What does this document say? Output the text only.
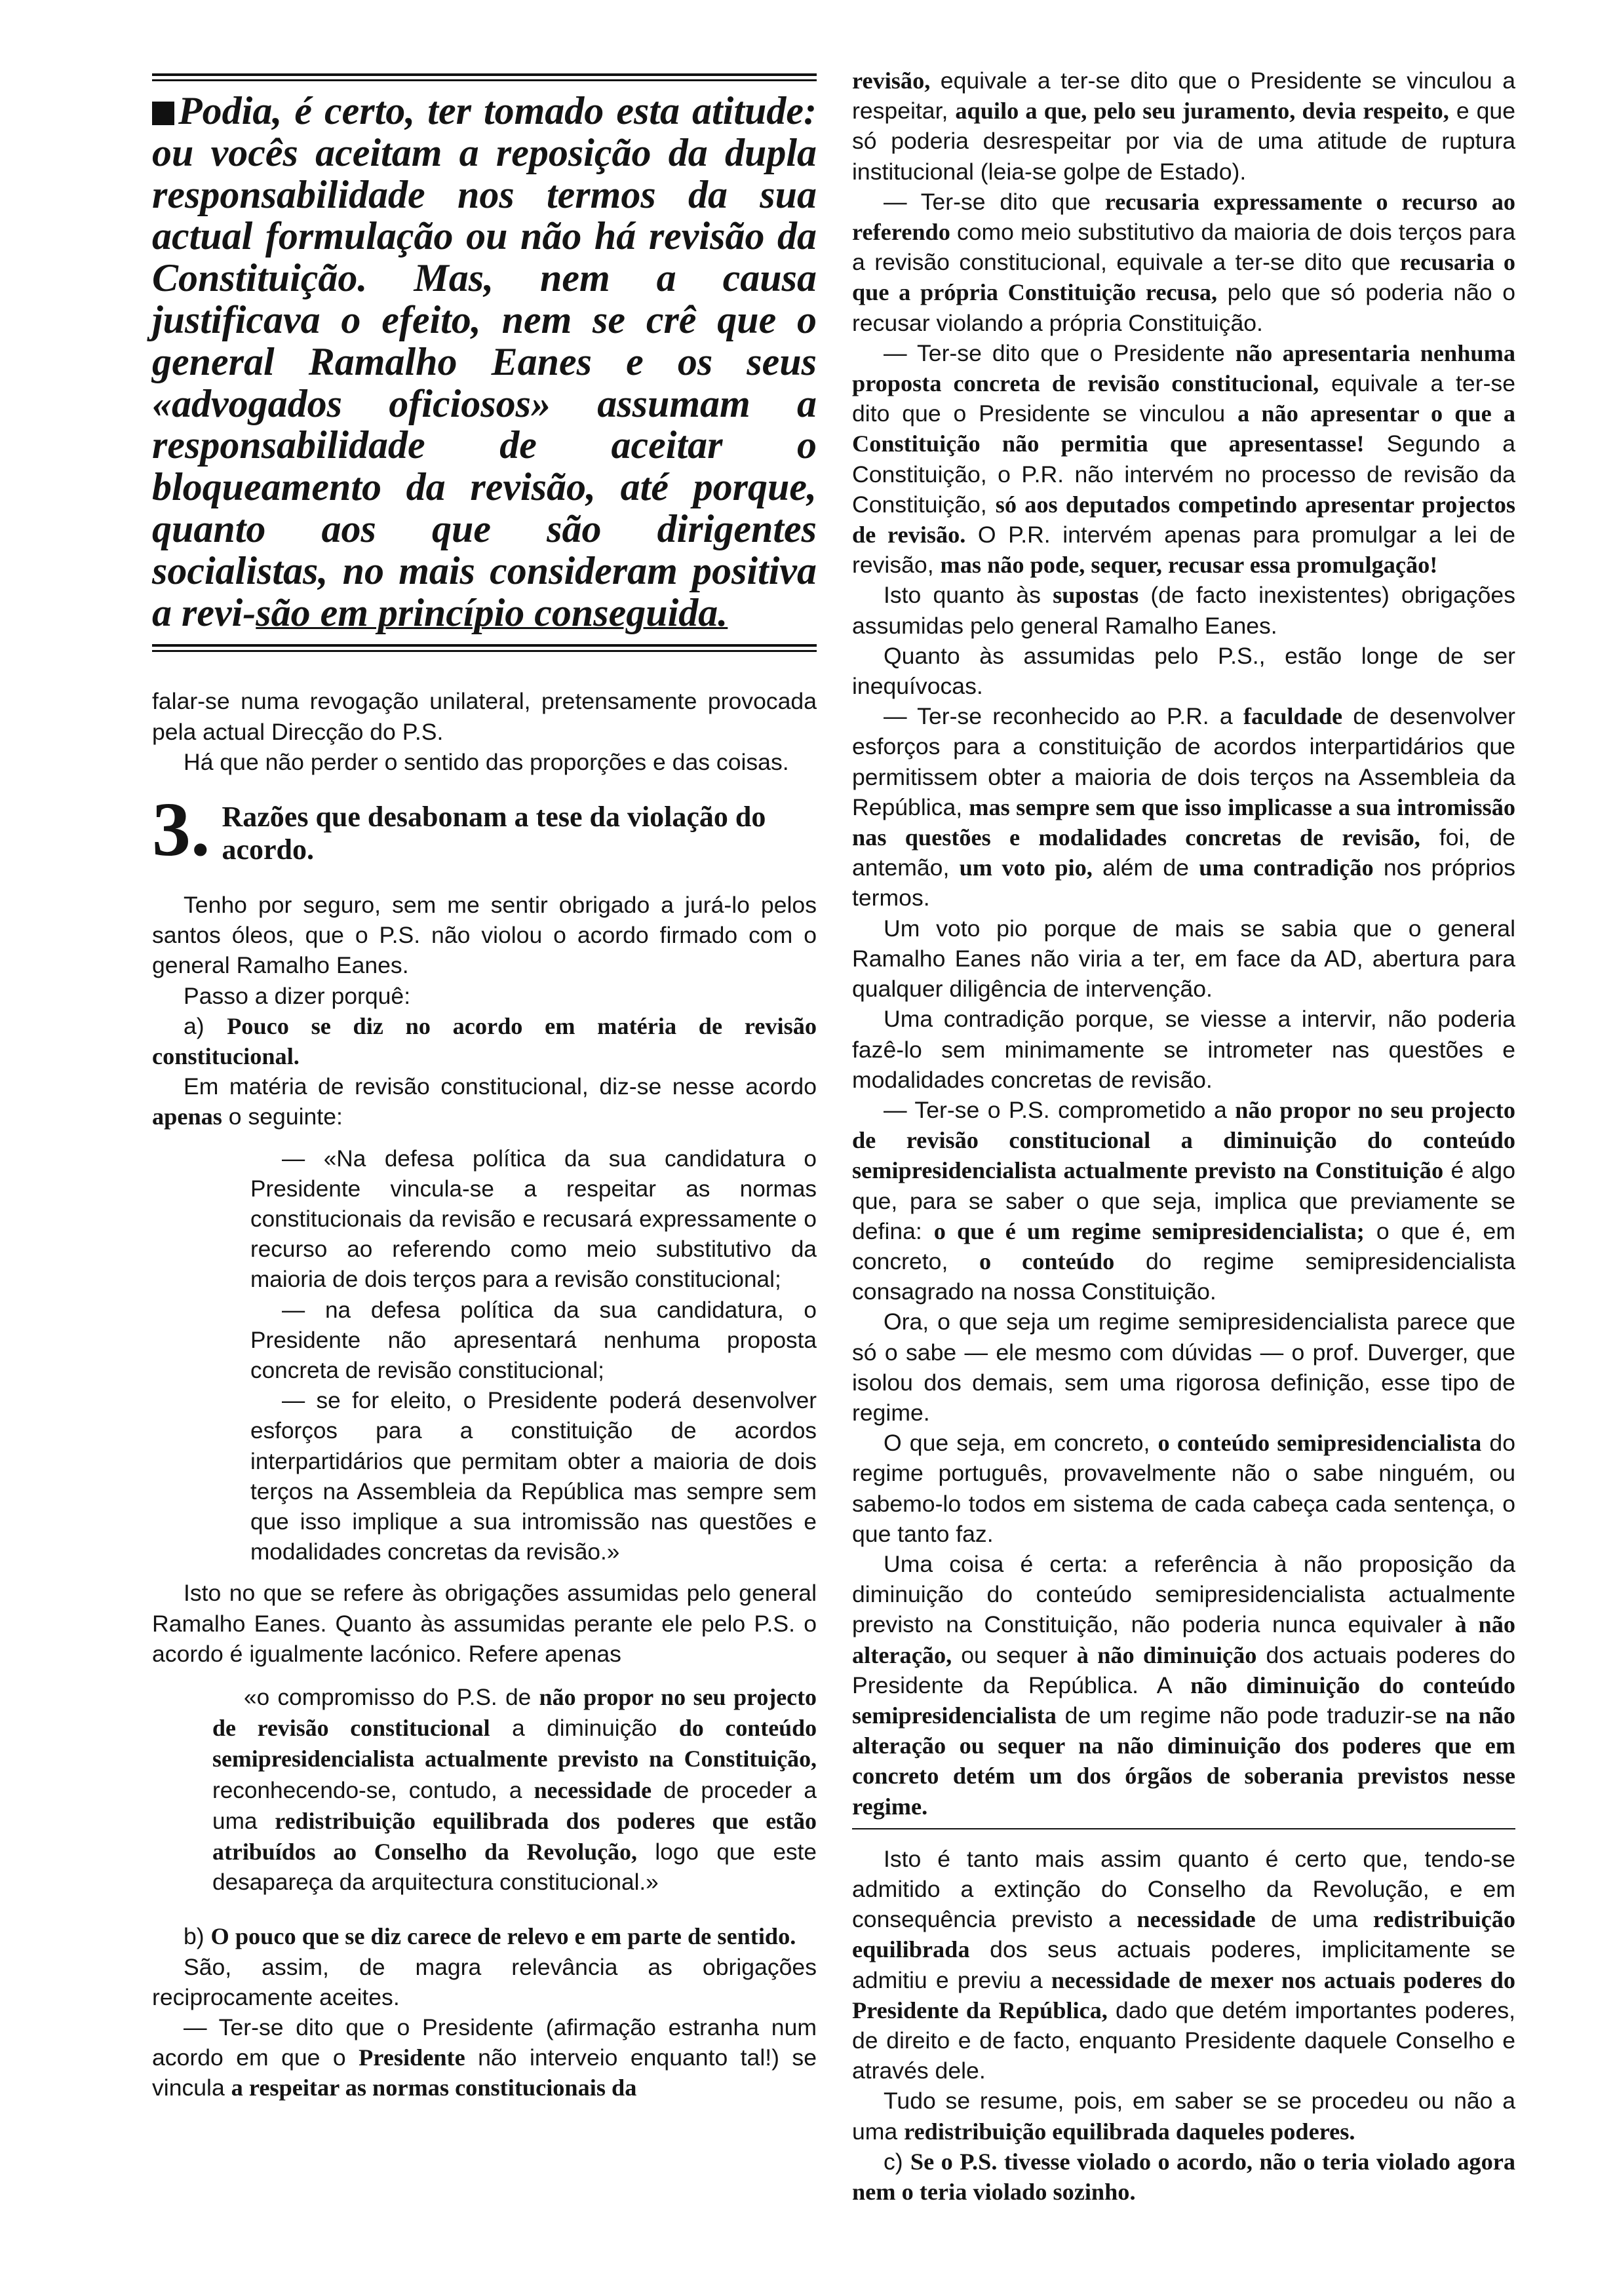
Podia, é certo, ter tomado esta atitude: ou vocês aceitam a reposição da dupla responsabilidade nos termos da sua actual formulação ou não há revisão da Constituição. Mas, nem a causa justificava o efeito, nem se crê que o general Ramalho Eanes e os seus «advogados oficiosos» assumam a responsabilidade de aceitar o bloqueamento da revisão, até porque, quanto aos que são dirigentes socialistas, no mais consideram positiva a revi-são em princípio conseguida.

falar-se numa revogação unilateral, pretensamente provocada pela actual Direcção do P.S.

Há que não perder o sentido das proporções e das coisas.

3. Razões que desabonam a tese da violação do acordo.

Tenho por seguro, sem me sentir obrigado a jurá-lo pelos santos óleos, que o P.S. não violou o acordo firmado com o general Ramalho Eanes.

Passo a dizer porquê:

a) Pouco se diz no acordo em matéria de revisão constitucional.

Em matéria de revisão constitucional, diz-se nesse acordo apenas o seguinte:

— «Na defesa política da sua candidatura o Presidente vincula-se a respeitar as normas constitucionais da revisão e recusará expressamente o recurso ao referendo como meio substitutivo da maioria de dois terços para a revisão constitucional;

— na defesa política da sua candidatura, o Presidente não apresentará nenhuma proposta concreta de revisão constitucional;

— se for eleito, o Presidente poderá desenvolver esforços para a constituição de acordos interpartidários que permitam obter a maioria de dois terços na Assembleia da República mas sempre sem que isso implique a sua intromissão nas questões e modalidades concretas da revisão.»

Isto no que se refere às obrigações assumidas pelo general Ramalho Eanes. Quanto às assumidas perante ele pelo P.S. o acordo é igualmente lacónico. Refere apenas

«o compromisso do P.S. de não propor no seu projecto de revisão constitucional a diminuição do conteúdo semipresidencialista actualmente previsto na Constituição, reconhecendo-se, contudo, a necessidade de proceder a uma redistribuição equilibrada dos poderes que estão atribuídos ao Conselho da Revolução, logo que este desapareça da arquitectura constitucional.»

b) O pouco que se diz carece de relevo e em parte de sentido.

São, assim, de magra relevância as obrigações reciprocamente aceites.

— Ter-se dito que o Presidente (afirmação estranha num acordo em que o Presidente não interveio enquanto tal!) se vincula a respeitar as normas constitucionais da

revisão, equivale a ter-se dito que o Presidente se vinculou a respeitar, aquilo a que, pelo seu juramento, devia respeito, e que só poderia desrespeitar por via de uma atitude de ruptura institucional (leia-se golpe de Estado).

— Ter-se dito que recusaria expressamente o recurso ao referendo como meio substitutivo da maioria de dois terços para a revisão constitucional, equivale a ter-se dito que recusaria o que a própria Constituição recusa, pelo que só poderia não o recusar violando a própria Constituição.

— Ter-se dito que o Presidente não apresentaria nenhuma proposta concreta de revisão constitucional, equivale a ter-se dito que o Presidente se vinculou a não apresentar o que a Constituição não permitia que apresentasse! Segundo a Constituição, o P.R. não intervém no processo de revisão da Constituição, só aos deputados competindo apresentar projectos de revisão. O P.R. intervém apenas para promulgar a lei de revisão, mas não pode, sequer, recusar essa promulgação!

Isto quanto às supostas (de facto inexistentes) obrigações assumidas pelo general Ramalho Eanes.

Quanto às assumidas pelo P.S., estão longe de ser inequívocas.

— Ter-se reconhecido ao P.R. a faculdade de desenvolver esforços para a constituição de acordos interpartidários que permitissem obter a maioria de dois terços na Assembleia da República, mas sempre sem que isso implicasse a sua intromissão nas questões e modalidades concretas de revisão, foi, de antemão, um voto pio, além de uma contradição nos próprios termos.

Um voto pio porque de mais se sabia que o general Ramalho Eanes não viria a ter, em face da AD, abertura para qualquer diligência de intervenção.

Uma contradição porque, se viesse a intervir, não poderia fazê-lo sem minimamente se intrometer nas questões e modalidades concretas de revisão.

— Ter-se o P.S. comprometido a não propor no seu projecto de revisão constitucional a diminuição do conteúdo semipresidencialista actualmente previsto na Constituição é algo que, para se saber o que seja, implica que previamente se defina: o que é um regime semipresidencialista; o que é, em concreto, o conteúdo do regime semipresidencialista consagrado na nossa Constituição.

Ora, o que seja um regime semipresidencialista parece que só o sabe — ele mesmo com dúvidas — o prof. Duverger, que isolou dos demais, sem uma rigorosa definição, esse tipo de regime.

O que seja, em concreto, o conteúdo semipresidencialista do regime português, provavelmente não o sabe ninguém, ou sabemo-lo todos em sistema de cada cabeça cada sentença, o que tanto faz.

Uma coisa é certa: a referência à não proposição da diminuição do conteúdo semipresidencialista actualmente previsto na Constituição, não poderia nunca equivaler à não alteração, ou sequer à não diminuição dos actuais poderes do Presidente da República. A não diminuição do conteúdo semipresidencialista de um regime não pode traduzir-se na não alteração ou sequer na não diminuição dos poderes que em concreto detém um dos órgãos de soberania previstos nesse regime.

Isto é tanto mais assim quanto é certo que, tendo-se admitido a extinção do Conselho da Revolução, e em consequência previsto a necessidade de uma redistribuição equilibrada dos seus actuais poderes, implicitamente se admitiu e previu a necessidade de mexer nos actuais poderes do Presidente da República, dado que detém importantes poderes, de direito e de facto, enquanto Presidente daquele Conselho e através dele.

Tudo se resume, pois, em saber se se procedeu ou não a uma redistribuição equilibrada daqueles poderes.

c) Se o P.S. tivesse violado o acordo, não o teria violado agora nem o teria violado sozinho.
